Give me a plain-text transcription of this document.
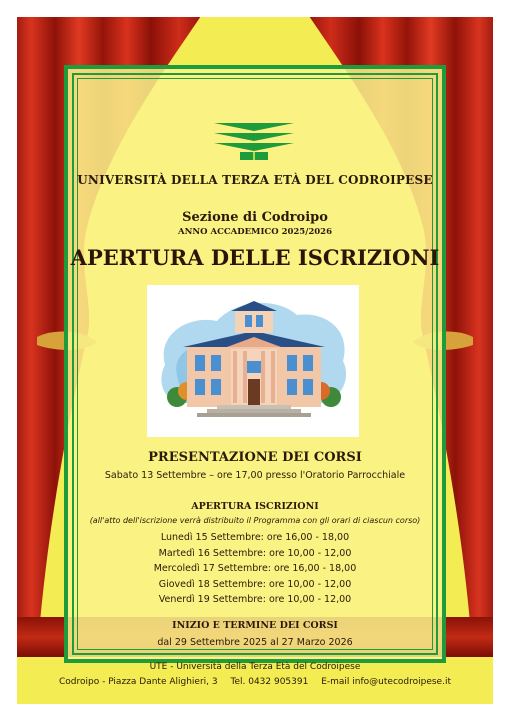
UNIVERSITÀ DELLA TERZA ETÀ DEL CODROIPESE
Sezione di Codroipo
ANNO ACCADEMICO 2025/2026
APERTURA DELLE ISCRIZIONI
PRESENTAZIONE DEI CORSI
Sabato 13 Settembre – ore 17,00 presso l'Oratorio Parrocchiale
APERTURA ISCRIZIONI
(all'atto dell'iscrizione verrà distribuito il Programma con gli orari di ciascun corso)
Lunedì 15 Settembre: ore 16,00 - 18,00
Martedì 16 Settembre: ore 10,00 - 12,00
Mercoledì 17 Settembre: ore 16,00 - 18,00
Giovedì 18 Settembre: ore 10,00 - 12,00
Venerdì 19 Settembre: ore 10,00 - 12,00
INIZIO E TERMINE DEI CORSI
dal 29 Settembre 2025 al 27 Marzo 2026
UTE - Università della Terza Età del Codroipese
Codroipo - Piazza Dante Alighieri, 3 Tel. 0432 905391 E-mail info@utecodroipese.it
